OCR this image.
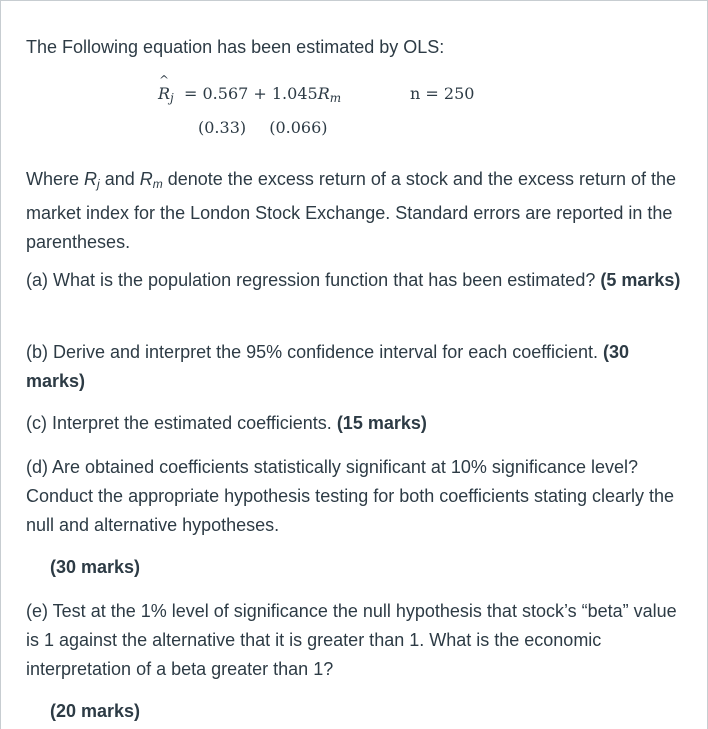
The Following equation has been estimated by OLS:

^ $R_j = 0.567 + 1.045R_m$	n = 250
(0.33) (0.066)

Where $R_j$ and $R_m$ denote the excess return of a stock and the excess return of the market index for the London Stock Exchange. Standard errors are reported in the parentheses.

(a) What is the population regression function that has been estimated? (5 marks)

(b) Derive and interpret the 95% confidence interval for each coefficient. (30 marks)

(c) Interpret the estimated coefficients. (15 marks)

(d) Are obtained coefficients statistically significant at 10% significance level? Conduct the appropriate hypothesis testing for both coefficients stating clearly the null and alternative hypotheses.

(30 marks)

(e) Test at the 1% level of significance the null hypothesis that stock’s “beta” value is 1 against the alternative that it is greater than 1. What is the economic interpretation of a beta greater than 1?

(20 marks)
